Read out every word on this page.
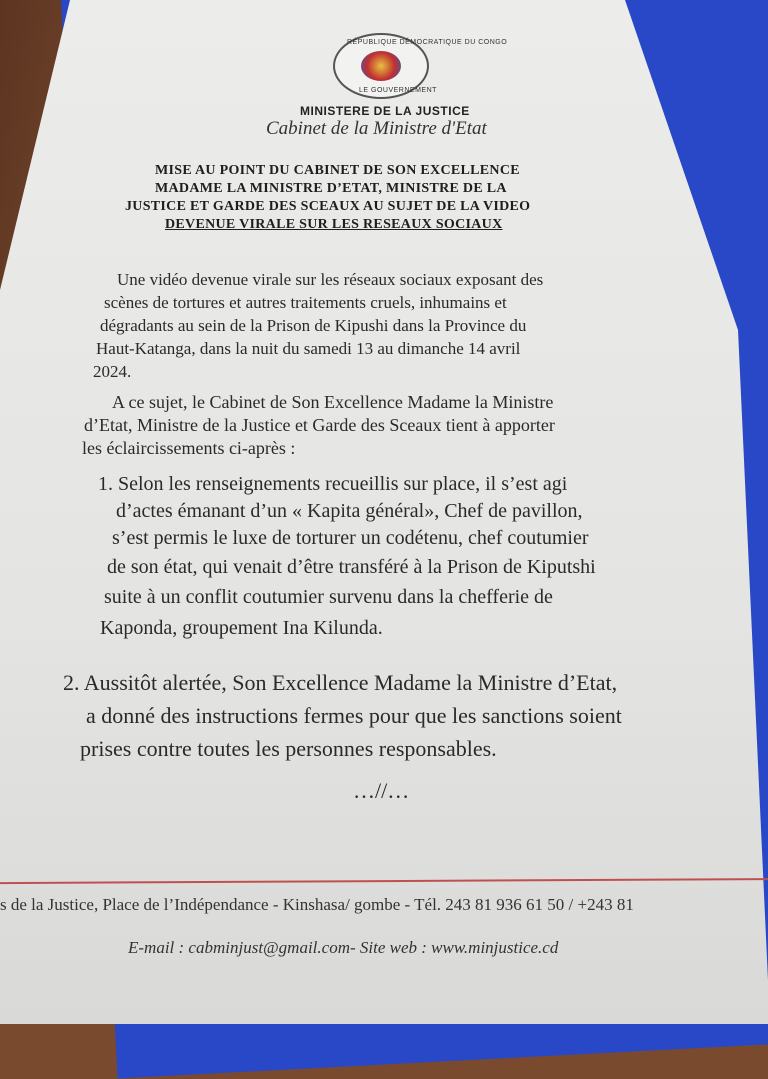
RÉPUBLIQUE DÉMOCRATIQUE DU CONGO
LE GOUVERNEMENT
MINISTERE DE LA JUSTICE
Cabinet de la Ministre d'Etat
MISE AU POINT DU CABINET DE SON EXCELLENCE
MADAME LA MINISTRE D’ETAT, MINISTRE DE LA
JUSTICE ET GARDE DES SCEAUX AU SUJET DE LA VIDEO
DEVENUE VIRALE SUR LES RESEAUX SOCIAUX
Une vidéo devenue virale sur les réseaux sociaux exposant des
scènes de tortures et autres traitements cruels, inhumains et
dégradants au sein de la Prison de Kipushi dans la Province du
Haut-Katanga, dans la nuit du samedi 13 au dimanche 14 avril
2024.
A ce sujet, le Cabinet de Son Excellence Madame la Ministre
d’Etat, Ministre de la Justice et Garde des Sceaux tient à apporter
les éclaircissements ci-après :
1. Selon les renseignements recueillis sur place, il s’est agi
d’actes émanant d’un « Kapita général», Chef de pavillon,
s’est permis le luxe de torturer un codétenu, chef coutumier
de son état, qui venait d’être transféré à la Prison de Kiputshi
suite à un conflit coutumier survenu dans la chefferie de
Kaponda, groupement Ina Kilunda.
2. Aussitôt alertée, Son Excellence Madame la Ministre d’Etat,
a donné des instructions fermes pour que les sanctions soient
prises contre toutes les personnes responsables.
…//…
s de la Justice, Place de l’Indépendance - Kinshasa/ gombe - Tél. 243 81 936 61 50 / +243 81
E-mail : cabminjust@gmail.com- Site web : www.minjustice.cd
